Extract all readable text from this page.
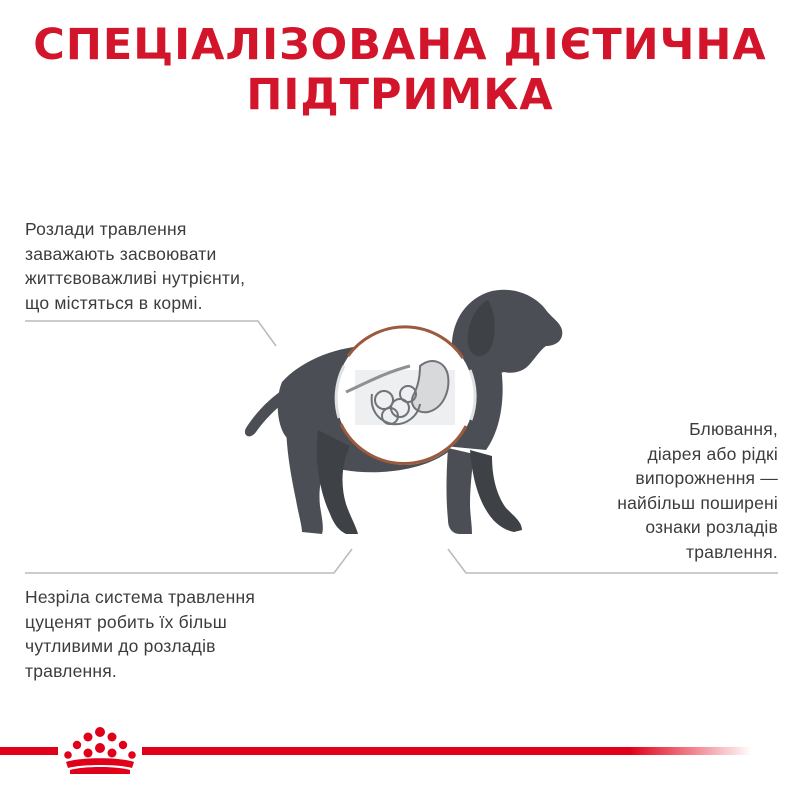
СПЕЦІАЛІЗОВАНА ДІЄТИЧНА
ПІДТРИМКА
Розлади травлення
заважають засвоювати
життєвоважливі нутрієнти,
що містяться в кормі.
Блювання,
діарея або рідкі
випорожнення —
найбільш поширені
ознаки розладів
травлення.
Незріла система травлення
цуценят робить їх більш
чутливими до розладів
травлення.
